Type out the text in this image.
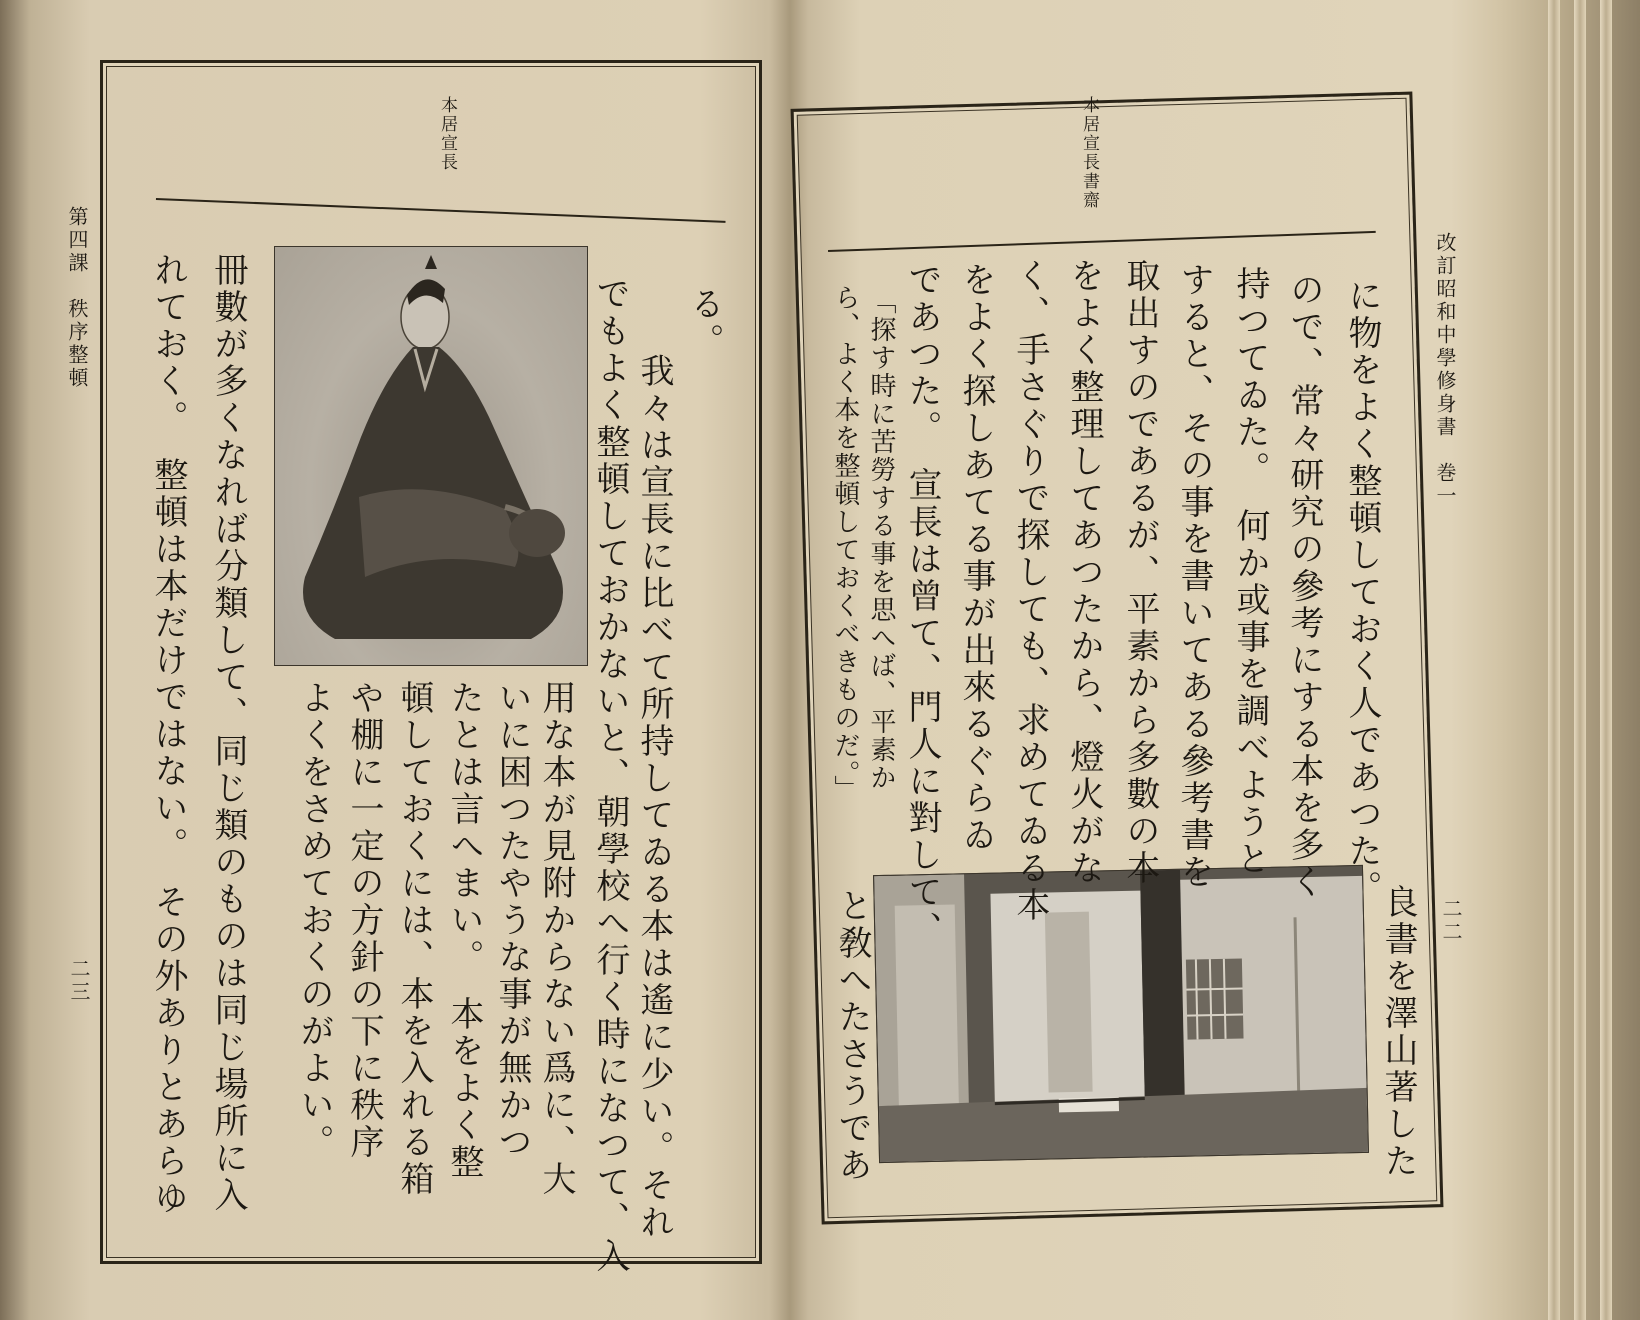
第四課　秩序整頓
二三
本居宣長
る。
　我々は宣長に比べて所持してゐる本は遙に少い。それ
でもよく整頓しておかないと、朝學校へ行く時になつて、入
用な本が見附からない爲に、大
いに困つたやうな事が無かつ
たとは言へまい。　本をよく整
頓しておくには、本を入れる箱
や棚に一定の方針の下に秩序
よくをさめておくのがよい。
冊數が多くなれば分類して、同じ類のものは同じ場所に入
れておく。　整頓は本だけではない。　その外ありとあらゆ	改訂昭和中學修身書　巻一
二二
本居宣長書齋
良書を澤山著した
に物をよく整頓しておく人であつた。
ので、常々研究の參考にする本を多く
持つてゐた。　何か或事を調べようと
すると、その事を書いてある參考書を
取出すのであるが、平素から多數の本
をよく整理してあつたから、燈火がな
く、手さぐりで探しても、求めてゐる本
をよく探しあてる事が出來るぐらゐ
であつた。　宣長は曾て、門人に對して、
「探す時に苦勞する事を思へば、平素か
ら、よく本を整頓しておくべきものだ。」
と敎へたさうであ
